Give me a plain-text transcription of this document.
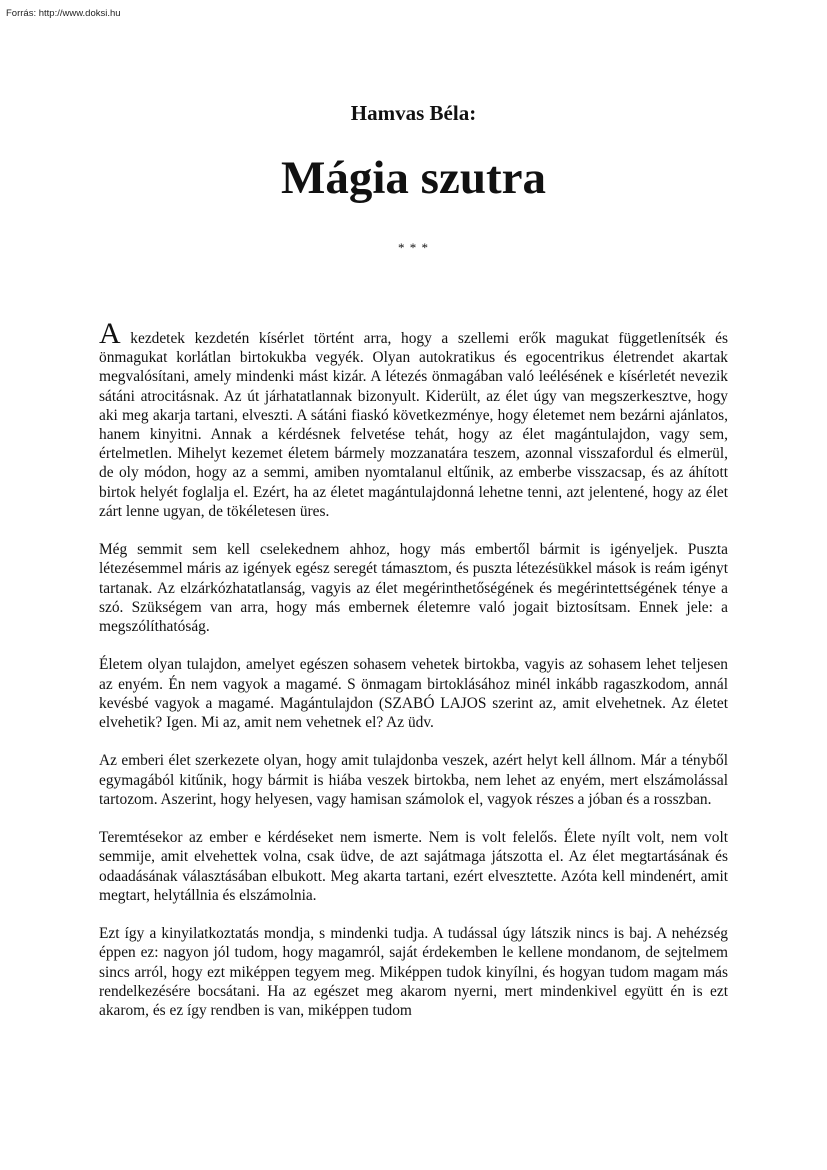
Forrás: http://www.doksi.hu
Hamvas Béla:
Mágia szutra
* * *

A kezdetek kezdetén kísérlet történt arra, hogy a szellemi erők magukat függetlenítsék és önmagukat korlátlan birtokukba vegyék. Olyan autokratikus és egocentrikus életrendet akartak megvalósítani, amely mindenki mást kizár. A létezés önmagában való leélésének e kísérletét nevezik sátáni atrocitásnak. Az út járhatatlannak bizonyult. Kiderült, az élet úgy van megszerkesztve, hogy aki meg akarja tartani, elveszti. A sátáni fiaskó következménye, hogy életemet nem bezárni ajánlatos, hanem kinyitni. Annak a kérdésnek felvetése tehát, hogy az élet magántulajdon, vagy sem, értelmetlen. Mihelyt kezemet életem bármely mozzanatára teszem, azonnal visszafordul és elmerül, de oly módon, hogy az a semmi, amiben nyomtalanul eltűnik, az emberbe visszacsap, és az áhított birtok helyét foglalja el. Ezért, ha az életet magántulajdonná lehetne tenni, azt jelentené, hogy az élet zárt lenne ugyan, de tökéletesen üres.

Még semmit sem kell cselekednem ahhoz, hogy más embertől bármit is igényeljek. Puszta létezésemmel máris az igények egész seregét támasztom, és puszta létezésükkel mások is reám igényt tartanak. Az elzárkózhatatlanság, vagyis az élet megérinthetőségének és megérintettségének ténye a szó. Szükségem van arra, hogy más embernek életemre való jogait biztosítsam. Ennek jele: a megszólíthatóság.

Életem olyan tulajdon, amelyet egészen sohasem vehetek birtokba, vagyis az sohasem lehet teljesen az enyém. Én nem vagyok a magamé. S önmagam birtoklásához minél inkább ragaszkodom, annál kevésbé vagyok a magamé. Magántulajdon (SZABÓ LAJOS szerint az, amit elvehetnek. Az életet elvehetik? Igen. Mi az, amit nem vehetnek el? Az üdv.

Az emberi élet szerkezete olyan, hogy amit tulajdonba veszek, azért helyt kell állnom. Már a tényből egymagából kitűnik, hogy bármit is hiába veszek birtokba, nem lehet az enyém, mert elszámolással tartozom. Aszerint, hogy helyesen, vagy hamisan számolok el, vagyok részes a jóban és a rosszban.

Teremtésekor az ember e kérdéseket nem ismerte. Nem is volt felelős. Élete nyílt volt, nem volt semmije, amit elvehettek volna, csak üdve, de azt sajátmaga játszotta el. Az élet megtartásának és odaadásának választásában elbukott. Meg akarta tartani, ezért elvesztette. Azóta kell mindenért, amit megtart, helytállnia és elszámolnia.

Ezt így a kinyilatkoztatás mondja, s mindenki tudja. A tudással úgy látszik nincs is baj. A nehézség éppen ez: nagyon jól tudom, hogy magamról, saját érdekemben le kellene mondanom, de sejtelmem sincs arról, hogy ezt miképpen tegyem meg. Miképpen tudok kinyílni, és hogyan tudom magam más rendelkezésére bocsátani. Ha az egészet meg akarom nyerni, mert mindenkivel együtt én is ezt akarom, és ez így rendben is van, miképpen tudom
